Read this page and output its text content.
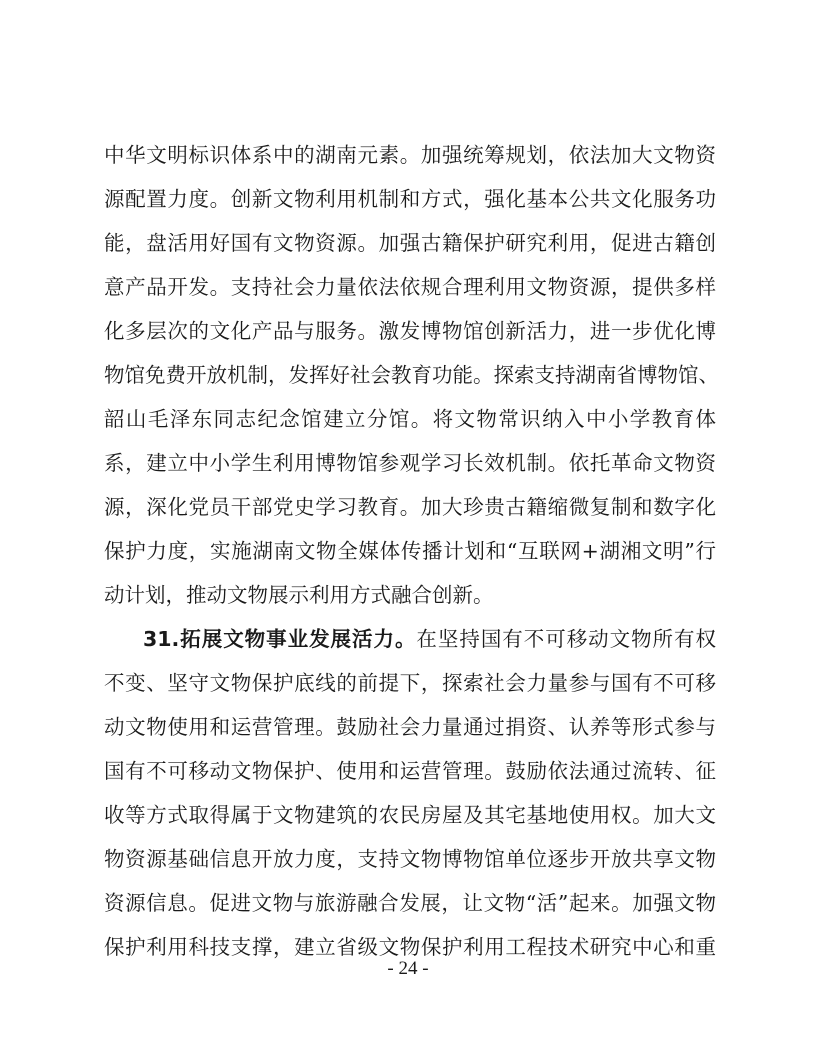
中华文明标识体系中的湖南元素。加强统筹规划，依法加大文物资
源配置力度。创新文物利用机制和方式，强化基本公共文化服务功
能，盘活用好国有文物资源。加强古籍保护研究利用，促进古籍创
意产品开发。支持社会力量依法依规合理利用文物资源，提供多样
化多层次的文化产品与服务。激发博物馆创新活力，进一步优化博
物馆免费开放机制，发挥好社会教育功能。探索支持湖南省博物馆、
韶山毛泽东同志纪念馆建立分馆。将文物常识纳入中小学教育体
系，建立中小学生利用博物馆参观学习长效机制。依托革命文物资
源，深化党员干部党史学习教育。加大珍贵古籍缩微复制和数字化
保护力度，实施湖南文物全媒体传播计划和“互联网+湖湘文明”行
动计划，推动文物展示利用方式融合创新。
31.拓展文物事业发展活力。在坚持国有不可移动文物所有权
不变、坚守文物保护底线的前提下，探索社会力量参与国有不可移
动文物使用和运营管理。鼓励社会力量通过捐资、认养等形式参与
国有不可移动文物保护、使用和运营管理。鼓励依法通过流转、征
收等方式取得属于文物建筑的农民房屋及其宅基地使用权。加大文
物资源基础信息开放力度，支持文物博物馆单位逐步开放共享文物
资源信息。促进文物与旅游融合发展，让文物“活”起来。加强文物
保护利用科技支撑，建立省级文物保护利用工程技术研究中心和重
- 24 -
